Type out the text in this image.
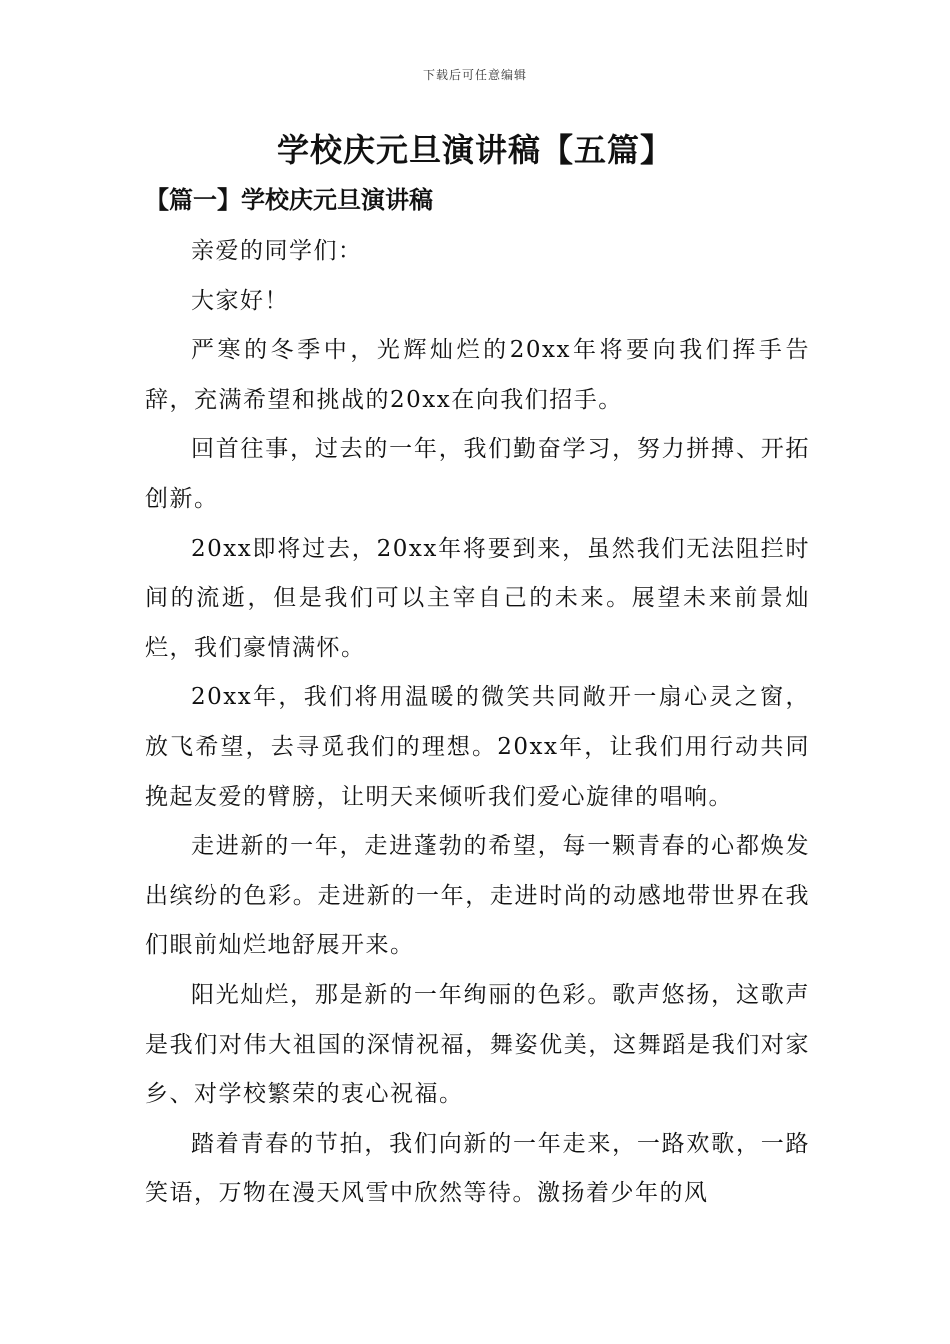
下载后可任意编辑
学校庆元旦演讲稿【五篇】
【篇一】学校庆元旦演讲稿

亲爱的同学们：

大家好！

严寒的冬季中，光辉灿烂的20xx年将要向我们挥手告辞，充满希望和挑战的20xx在向我们招手。

回首往事，过去的一年，我们勤奋学习，努力拼搏、开拓创新。

20xx即将过去，20xx年将要到来，虽然我们无法阻拦时间的流逝，但是我们可以主宰自己的未来。展望未来前景灿烂，我们豪情满怀。

20xx年，我们将用温暖的微笑共同敞开一扇心灵之窗，放飞希望，去寻觅我们的理想。20xx年，让我们用行动共同挽起友爱的臂膀，让明天来倾听我们爱心旋律的唱响。

走进新的一年，走进蓬勃的希望，每一颗青春的心都焕发出缤纷的色彩。走进新的一年，走进时尚的动感地带世界在我们眼前灿烂地舒展开来。

阳光灿烂，那是新的一年绚丽的色彩。歌声悠扬，这歌声是我们对伟大祖国的深情祝福，舞姿优美，这舞蹈是我们对家乡、对学校繁荣的衷心祝福。

踏着青春的节拍，我们向新的一年走来，一路欢歌，一路笑语，万物在漫天风雪中欣然等待。激扬着少年的风
